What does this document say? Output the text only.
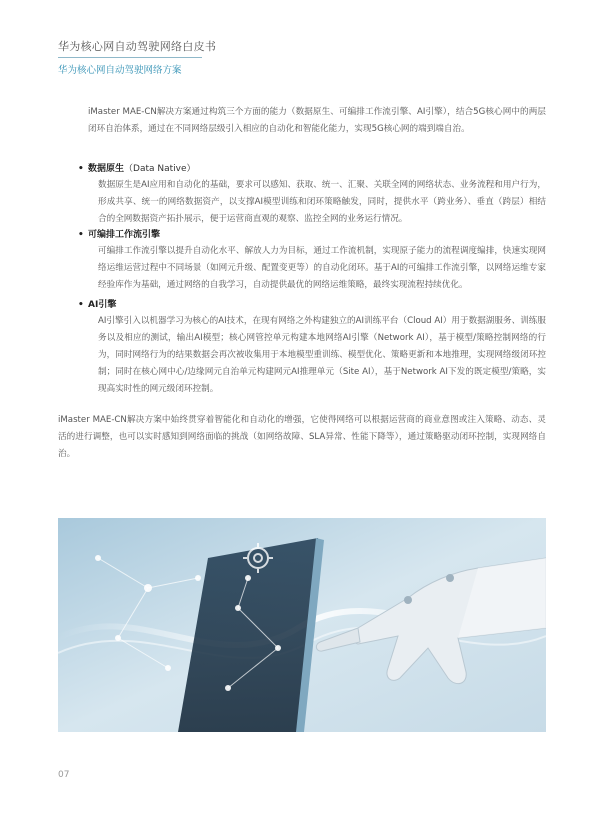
华为核心网自动驾驶网络白皮书
华为核心网自动驾驶网络方案

iMaster MAE-CN解决方案通过构筑三个方面的能力（数据原生、可编排工作流引擎、AI引擎），结合5G核心网中的两层闭环自治体系，通过在不同网络层级引入相应的自动化和智能化能力，实现5G核心网的端到端自治。

• 数据原生（Data Native）

数据原生是AI应用和自动化的基础，要求可以感知、获取、统一、汇聚、关联全网的网络状态、业务流程和用户行为，形成共享、统一的网络数据资产，以支撑AI模型训练和闭环策略触发，同时，提供水平（跨业务）、垂直（跨层）相结合的全网数据资产拓扑展示，便于运营商直观的观察、监控全网的业务运行情况。

• 可编排工作流引擎

可编排工作流引擎以提升自动化水平、解放人力为目标，通过工作流机制，实现原子能力的流程调度编排，快速实现网络运维运营过程中不同场景（如网元升级、配置变更等）的自动化闭环。基于AI的可编排工作流引擎，以网络运维专家经验库作为基础，通过网络的自我学习，自动提供最优的网络运维策略，最终实现流程持续优化。

• AI引擎

AI引擎引入以机器学习为核心的AI技术，在现有网络之外构建独立的AI训练平台（Cloud AI）用于数据湖服务、训练服务以及相应的测试，输出AI模型；核心网管控单元构建本地网络AI引擎（Network AI），基于模型/策略控制网络的行为，同时网络行为的结果数据会再次被收集用于本地模型重训练、模型优化、策略更新和本地推理，实现网络级闭环控制；同时在核心网中心/边缘网元自治单元构建网元AI推理单元（Site AI），基于Network AI下发的既定模型/策略，实现高实时性的网元级闭环控制。

iMaster MAE-CN解决方案中始终贯穿着智能化和自动化的增强，它使得网络可以根据运营商的商业意图或注入策略、动态、灵活的进行调整，也可以实时感知到网络面临的挑战（如网络故障、SLA异常、性能下降等），通过策略驱动闭环控制，实现网络自治。

07
